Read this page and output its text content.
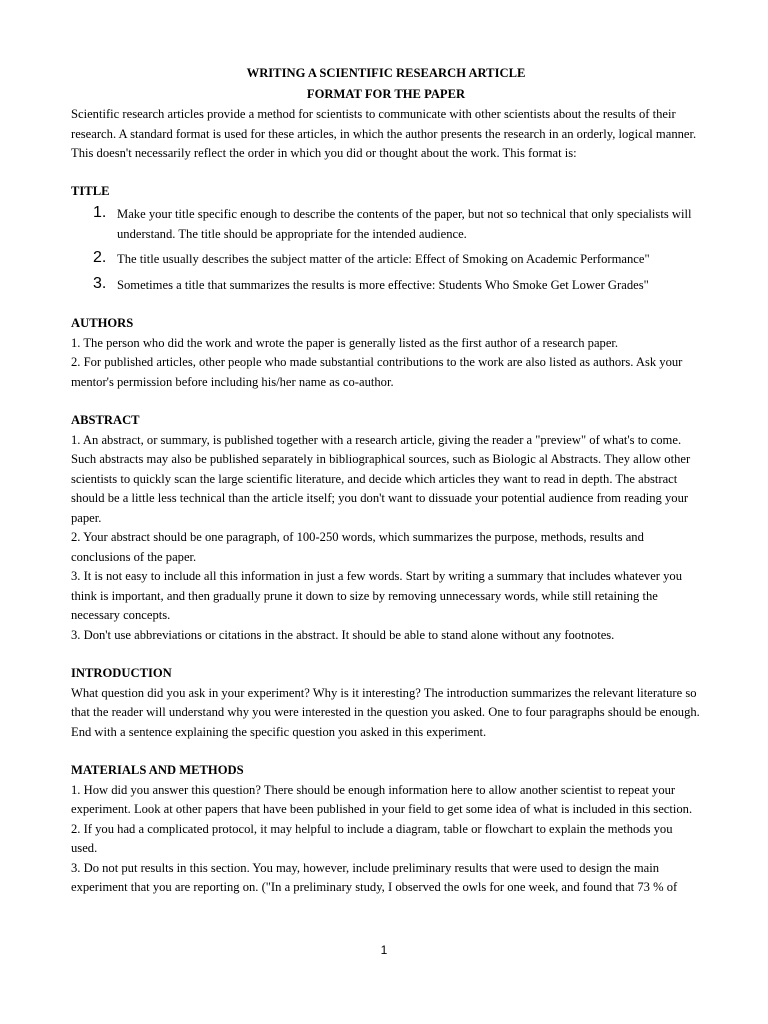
WRITING A SCIENTIFIC RESEARCH ARTICLE
FORMAT FOR THE PAPER

Scientific research articles provide a method for scientists to communicate with other scientists about the results of their research. A standard format is used for these articles, in which the author presents the research in an orderly, logical manner. This doesn't necessarily reflect the order in which you did or thought about the work. This format is:

TITLE
1. Make your title specific enough to describe the contents of the paper, but not so technical that only specialists will understand. The title should be appropriate for the intended audience.
2. The title usually describes the subject matter of the article: Effect of Smoking on Academic Performance"
3. Sometimes a title that summarizes the results is more effective: Students Who Smoke Get Lower Grades"
AUTHORS

1. The person who did the work and wrote the paper is generally listed as the first author of a research paper.

2. For published articles, other people who made substantial contributions to the work are also listed as authors. Ask your mentor's permission before including his/her name as co-author.

ABSTRACT

1. An abstract, or summary, is published together with a research article, giving the reader a "preview" of what's to come. Such abstracts may also be published separately in bibliographical sources, such as Biologic al Abstracts. They allow other scientists to quickly scan the large scientific literature, and decide which articles they want to read in depth. The abstract should be a little less technical than the article itself; you don't want to dissuade your potential audience from reading your paper.

2. Your abstract should be one paragraph, of 100-250 words, which summarizes the purpose, methods, results and conclusions of the paper.

3. It is not easy to include all this information in just a few words. Start by writing a summary that includes whatever you think is important, and then gradually prune it down to size by removing unnecessary words, while still retaining the necessary concepts.

3. Don't use abbreviations or citations in the abstract. It should be able to stand alone without any footnotes.

INTRODUCTION

What question did you ask in your experiment? Why is it interesting? The introduction summarizes the relevant literature so that the reader will understand why you were interested in the question you asked. One to four paragraphs should be enough. End with a sentence explaining the specific question you asked in this experiment.

MATERIALS AND METHODS

1. How did you answer this question? There should be enough information here to allow another scientist to repeat your experiment. Look at other papers that have been published in your field to get some idea of what is included in this section.

2. If you had a complicated protocol, it may helpful to include a diagram, table or flowchart to explain the methods you used.

3. Do not put results in this section. You may, however, include preliminary results that were used to design the main experiment that you are reporting on. ("In a preliminary study, I observed the owls for one week, and found that 73 % of

1
